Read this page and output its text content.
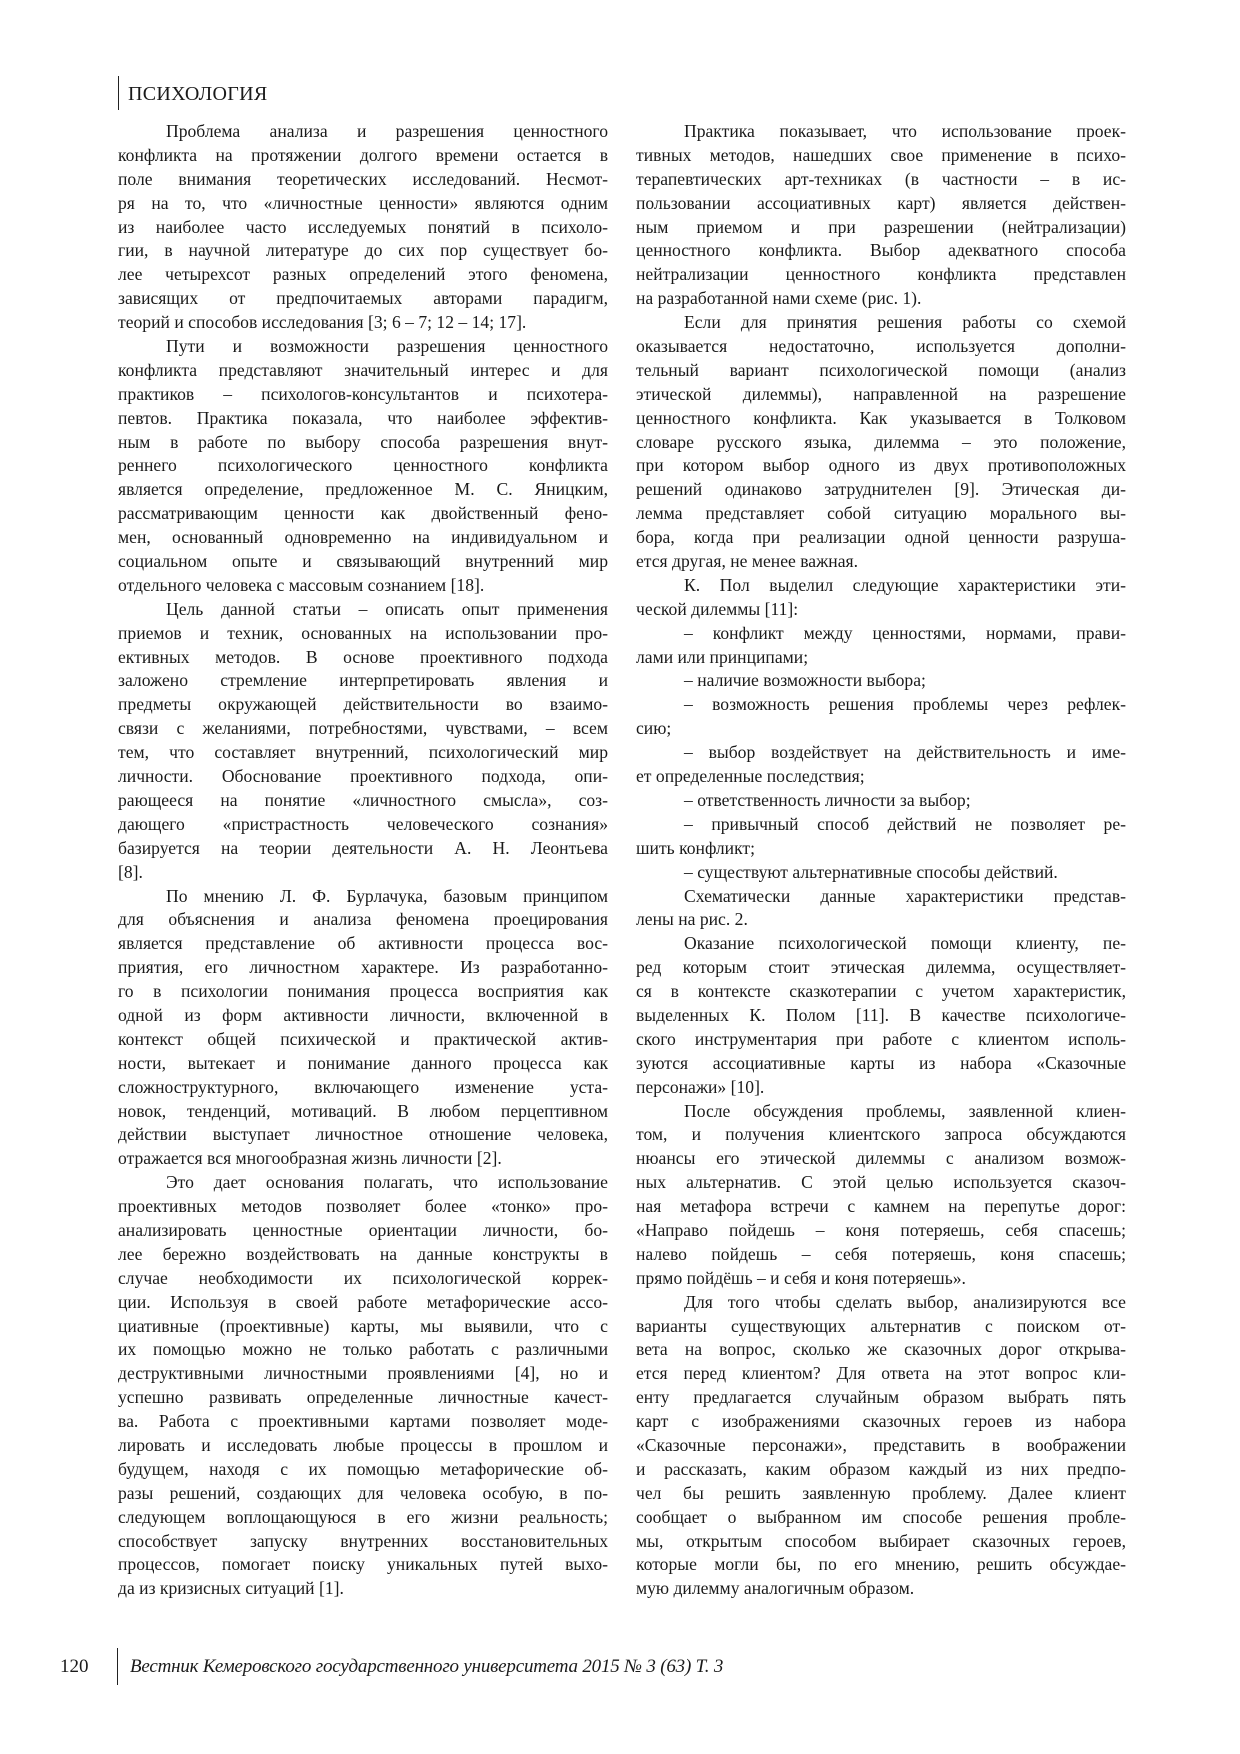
ПСИХОЛОГИЯ
Проблема анализа и разрешения ценностного
конфликта на протяжении долгого времени остается в
поле внимания теоретических исследований. Несмот-
ря на то, что «личностные ценности» являются одним
из наиболее часто исследуемых понятий в психоло-
гии, в научной литературе до сих пор существует бо-
лее четырехсот разных определений этого феномена,
зависящих от предпочитаемых авторами парадигм,
теорий и способов исследования [3; 6 – 7; 12 – 14; 17].
Пути и возможности разрешения ценностного
конфликта представляют значительный интерес и для
практиков – психологов-консультантов и психотера-
певтов. Практика показала, что наиболее эффектив-
ным в работе по выбору способа разрешения внут-
реннего психологического ценностного конфликта
является определение, предложенное М. С. Яницким,
рассматривающим ценности как двойственный фено-
мен, основанный одновременно на индивидуальном и
социальном опыте и связывающий внутренний мир
отдельного человека с массовым сознанием [18].
Цель данной статьи – описать опыт применения
приемов и техник, основанных на использовании про-
ективных методов. В основе проективного подхода
заложено стремление интерпретировать явления и
предметы окружающей действительности во взаимо-
связи с желаниями, потребностями, чувствами, – всем
тем, что составляет внутренний, психологический мир
личности. Обоснование проективного подхода, опи-
рающееся на понятие «личностного смысла», соз-
дающего «пристрастность человеческого сознания»
базируется на теории деятельности А. Н. Леонтьева
[8].
По мнению Л. Ф. Бурлачука, базовым принципом
для объяснения и анализа феномена проецирования
является представление об активности процесса вос-
приятия, его личностном характере. Из разработанно-
го в психологии понимания процесса восприятия как
одной из форм активности личности, включенной в
контекст общей психической и практической актив-
ности, вытекает и понимание данного процесса как
сложноструктурного, включающего изменение уста-
новок, тенденций, мотиваций. В любом перцептивном
действии выступает личностное отношение человека,
отражается вся многообразная жизнь личности [2].
Это дает основания полагать, что использование
проективных методов позволяет более «тонко» про-
анализировать ценностные ориентации личности, бо-
лее бережно воздействовать на данные конструкты в
случае необходимости их психологической коррек-
ции. Используя в своей работе метафорические ассо-
циативные (проективные) карты, мы выявили, что с
их помощью можно не только работать с различными
деструктивными личностными проявлениями [4], но и
успешно развивать определенные личностные качест-
ва. Работа с проективными картами позволяет моде-
лировать и исследовать любые процессы в прошлом и
будущем, находя с их помощью метафорические об-
разы решений, создающих для человека особую, в по-
следующем воплощающуюся в его жизни реальность;
способствует запуску внутренних восстановительных
процессов, помогает поиску уникальных путей выхо-
да из кризисных ситуаций [1].
Практика показывает, что использование проек-
тивных методов, нашедших свое применение в психо-
терапевтических арт-техниках (в частности – в ис-
пользовании ассоциативных карт) является действен-
ным приемом и при разрешении (нейтрализации)
ценностного конфликта. Выбор адекватного способа
нейтрализации ценностного конфликта представлен
на разработанной нами схеме (рис. 1).
Если для принятия решения работы со схемой
оказывается недостаточно, используется дополни-
тельный вариант психологической помощи (анализ
этической дилеммы), направленной на разрешение
ценностного конфликта. Как указывается в Толковом
словаре русского языка, дилемма – это положение,
при котором выбор одного из двух противоположных
решений одинаково затруднителен [9]. Этическая ди-
лемма представляет собой ситуацию морального вы-
бора, когда при реализации одной ценности разруша-
ется другая, не менее важная.
К. Пол выделил следующие характеристики эти-
ческой дилеммы [11]:
– конфликт между ценностями, нормами, прави-
лами или принципами;
– наличие возможности выбора;
– возможность решения проблемы через рефлек-
сию;
– выбор воздействует на действительность и име-
ет определенные последствия;
– ответственность личности за выбор;
– привычный способ действий не позволяет ре-
шить конфликт;
– существуют альтернативные способы действий.
Схематически данные характеристики представ-
лены на рис. 2.
Оказание психологической помощи клиенту, пе-
ред которым стоит этическая дилемма, осуществляет-
ся в контексте сказкотерапии с учетом характеристик,
выделенных К. Полом [11]. В качестве психологиче-
ского инструментария при работе с клиентом исполь-
зуются ассоциативные карты из набора «Сказочные
персонажи» [10].
После обсуждения проблемы, заявленной клиен-
том, и получения клиентского запроса обсуждаются
нюансы его этической дилеммы с анализом возмож-
ных альтернатив. С этой целью используется сказоч-
ная метафора встречи с камнем на перепутье дорог:
«Направо пойдешь – коня потеряешь, себя спасешь;
налево пойдешь – себя потеряешь, коня спасешь;
прямо пойдёшь – и себя и коня потеряешь».
Для того чтобы сделать выбор, анализируются все
варианты существующих альтернатив с поиском от-
вета на вопрос, сколько же сказочных дорог открыва-
ется перед клиентом? Для ответа на этот вопрос кли-
енту предлагается случайным образом выбрать пять
карт с изображениями сказочных героев из набора
«Сказочные персонажи», представить в воображении
и рассказать, каким образом каждый из них предпо-
чел бы решить заявленную проблему. Далее клиент
сообщает о выбранном им способе решения пробле-
мы, открытым способом выбирает сказочных героев,
которые могли бы, по его мнению, решить обсуждае-
мую дилемму аналогичным образом.
120 Вестник Кемеровского государственного университета 2015 № 3 (63) Т. 3
